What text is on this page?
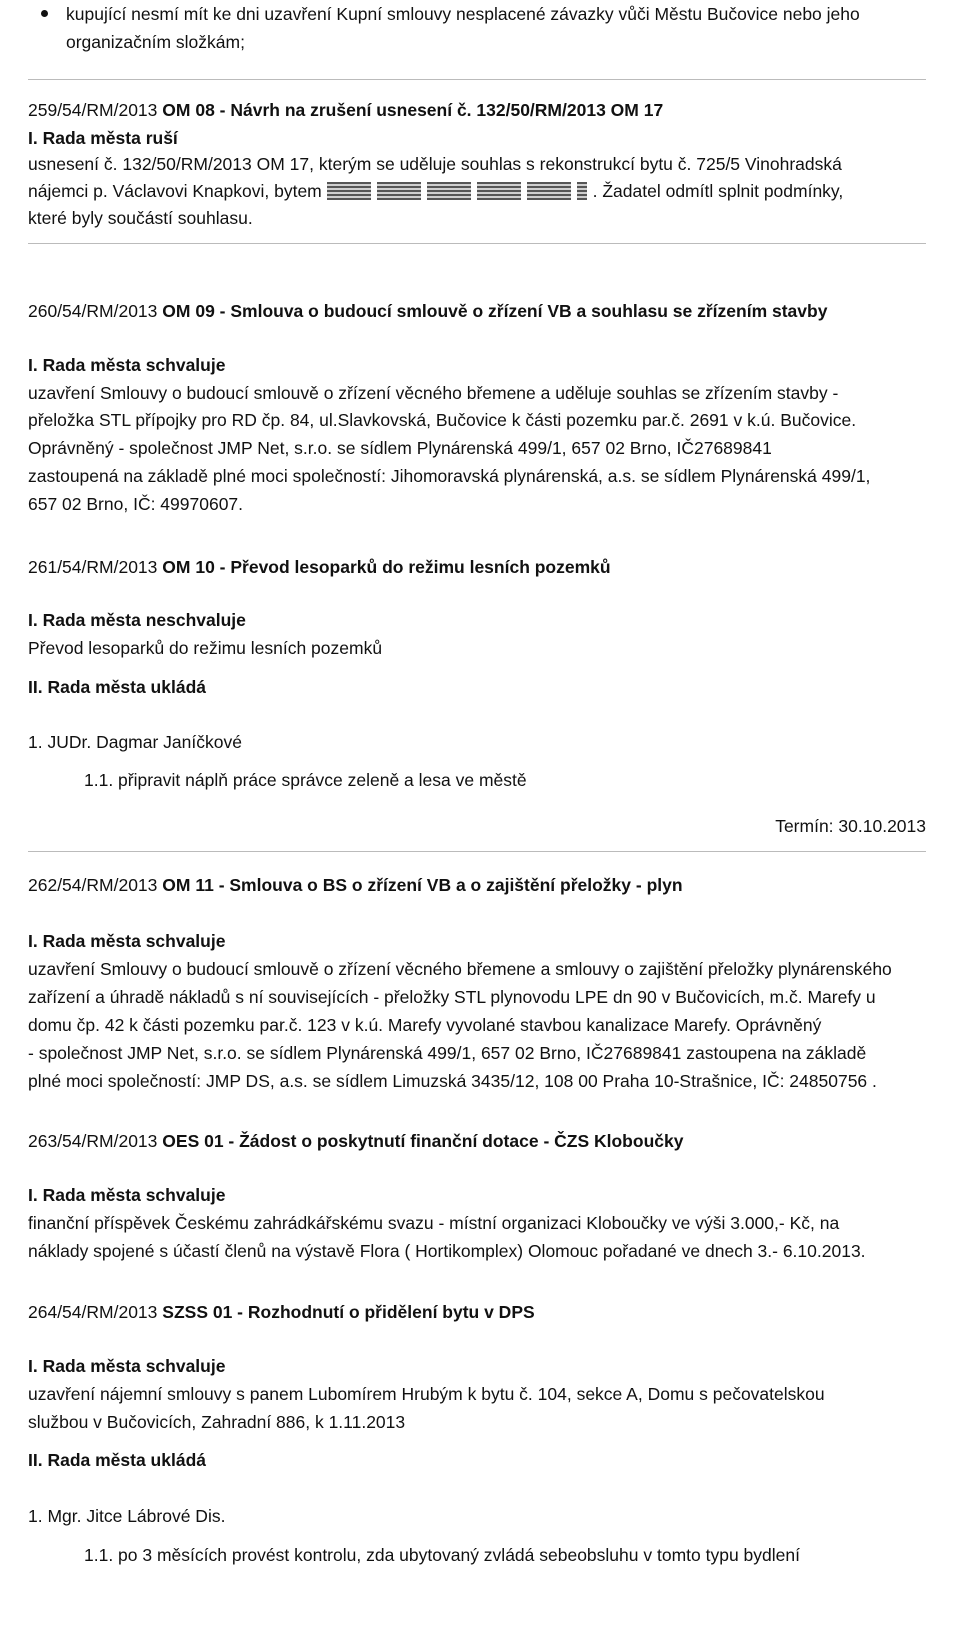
kupující nesmí mít ke dni uzavření Kupní smlouvy nesplacené závazky vůči Městu Bučovice nebo jeho
organizačním složkám;
259/54/RM/2013 OM 08 - Návrh na zrušení usnesení č. 132/50/RM/2013 OM 17
I. Rada města ruší
usnesení č. 132/50/RM/2013 OM 17, kterým se uděluje souhlas s rekonstrukcí bytu č. 725/5 Vinohradská
nájemci p. Václavovi Knapkovi, bytem	. Žadatel odmítl splnit podmínky,
které byly součástí souhlasu.
260/54/RM/2013 OM 09 - Smlouva o budoucí smlouvě o zřízení VB a souhlasu se zřízením stavby
I. Rada města schvaluje
uzavření Smlouvy o budoucí smlouvě o zřízení věcného břemene a uděluje souhlas se zřízením stavby -
přeložka STL přípojky pro RD čp. 84, ul.Slavkovská, Bučovice k části pozemku par.č. 2691 v k.ú. Bučovice.
Oprávněný - společnost JMP Net, s.r.o. se sídlem Plynárenská 499/1, 657 02 Brno, IČ27689841
zastoupená na základě plné moci společností: Jihomoravská plynárenská, a.s. se sídlem Plynárenská 499/1,
657 02 Brno, IČ: 49970607.
261/54/RM/2013 OM 10 - Převod lesoparků do režimu lesních pozemků
I. Rada města neschvaluje
Převod lesoparků do režimu lesních pozemků
II. Rada města ukládá
1. JUDr. Dagmar Janíčkové
1.1. připravit náplň práce správce zeleně a lesa ve městě
Termín: 30.10.2013
262/54/RM/2013 OM 11 - Smlouva o BS o zřízení VB a o zajištění přeložky - plyn
I. Rada města schvaluje
uzavření Smlouvy o budoucí smlouvě o zřízení věcného břemene a smlouvy o zajištění přeložky plynárenského
zařízení a úhradě nákladů s ní souvisejících - přeložky STL plynovodu LPE dn 90 v Bučovicích, m.č. Marefy u
domu čp. 42 k části pozemku par.č. 123 v k.ú. Marefy vyvolané stavbou kanalizace Marefy. Oprávněný
- společnost JMP Net, s.r.o. se sídlem Plynárenská 499/1, 657 02 Brno, IČ27689841 zastoupena na základě
plné moci společností: JMP DS, a.s. se sídlem Limuzská 3435/12, 108 00 Praha 10-Strašnice, IČ: 24850756 .
263/54/RM/2013 OES 01 - Žádost o poskytnutí finanční dotace - ČZS Kloboučky
I. Rada města schvaluje
finanční příspěvek Českému zahrádkářskému svazu - místní organizaci Kloboučky ve výši 3.000,- Kč, na
náklady spojené s účastí členů na výstavě Flora ( Hortikomplex) Olomouc pořadané ve dnech 3.- 6.10.2013.
264/54/RM/2013 SZSS 01 - Rozhodnutí o přidělení bytu v DPS
I. Rada města schvaluje
uzavření nájemní smlouvy s panem Lubomírem Hrubým k bytu č. 104, sekce A, Domu s pečovatelskou
službou v Bučovicích, Zahradní 886, k 1.11.2013
II. Rada města ukládá
1. Mgr. Jitce Lábrové Dis.
1.1. po 3 měsících provést kontrolu, zda ubytovaný zvládá sebeobsluhu v tomto typu bydlení
